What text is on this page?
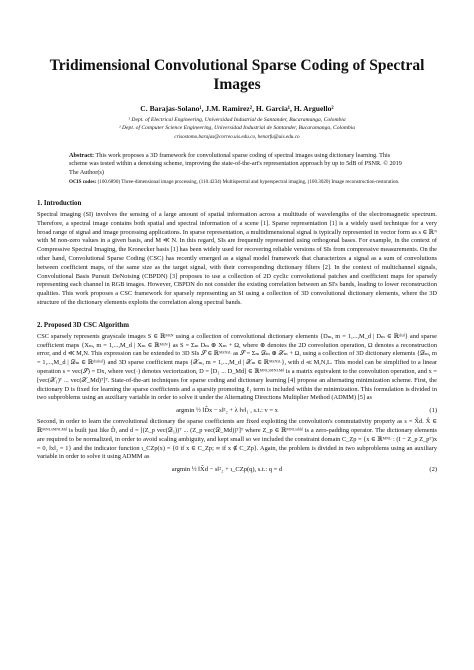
Tridimensional Convolutional Sparse Coding of Spectral Images
C. Barajas-Solano¹, J.M. Ramirez², H. Garcia¹, H. Arguello²
¹ Dept. of Electrical Engineering, Universidad Industrial de Santander, Bucaramanga, Colombia
² Dept. of Computer Science Engineering, Universidad Industrial de Santander, Bucaramanga, Colombia
crisostomo.barajas@correo.uis.edu.co, henarfu@uis.edu.co
Abstract: This work proposes a 3D framework for convolutional sparse coding of spectral images using dictionary learning. This scheme was tested within a denoising scheme, improving the state-of-the-art's representation approach by up to 5dB of PSNR. © 2019 The Author(s)
OCIS codes: (100.6890) Three-dimensional image processing, (110.4234) Multispectral and hyperspectral imaging, (100.3020) Image reconstruction-restoration.
1. Introduction

Spectral imaging (SI) involves the sensing of a large amount of spatial information across a multitude of wavelengths of the electromagnetic spectrum. Therefore, a spectral image contains both spatial and spectral information of a scene [1]. Sparse representation [1] is a widely used technique for a very broad range of signal and image processing applications. In sparse representation, a multidimensional signal is typically represented in vector form as s ∈ ℝᴺ with M non-zero values in a given basis, and M ≪ N. In this regard, SIs are frequently represented using orthogonal bases. For example, in the context of Compressive Spectral Imaging, the Kronecker basis [1] has been widely used for recovering reliable versions of SIs from compressive measurements. On the other hand, Convolutional Sparse Coding (CSC) has recently emerged as a signal model framework that characterizes a signal as a sum of convolutions between coefficient maps, of the same size as the target signal, with their corresponding dictionary filters [2]. In the context of multichannel signals, Convolutional Basis Pursuit DeNoising (CBPDN) [3] proposes to use a collection of 2D cyclic convolutional patches and coefficient maps for sparsely representing each channel in RGB images. However, CBPDN do not consider the existing correlation between an SI's bands, leading to lower reconstruction qualities. This work proposes a CSC framework for sparsely representing an SI using a collection of 3D convolutional dictionary elements, where the 3D structure of the dictionary elements exploits the correlation along spectral bands.

2. Proposed 3D CSC Algorithm

CSC sparsely represents grayscale images S ∈ ℝᴹˣᴺ using a collection of convolutional dictionary elements {Dₘ, m = 1,...,M_d | Dₘ ∈ ℝᵈˣᵈ} and sparse coefficient maps {Xₘ, m = 1,...,M_d | Xₘ ∈ ℝᴹˣᴺ} as S = Σₘ Dₘ ⊛ Xₘ + Ω, where ⊛ denotes the 2D convolution operation, Ω denotes a reconstruction error, and d ≪ M,N. This expression can be extended to 3D SIs 𝒮 ∈ ℝᴹˣᴺˣᴸ as 𝒮 = Σₘ 𝒟ₘ ⊛ 𝒳ₘ + Ω, using a collection of 3D dictionary elements {𝒟ₘ, m = 1,...,M_d | 𝒟ₘ ∈ ℝᵈˣᵈˣᵈ} and 3D sparse coefficient maps {𝒳ₘ, m = 1,...,M_d | 𝒳ₘ ∈ ℝᴹˣᴺˣᴸ}, with d ≪ M,N,L. This model can be simplified to a linear operation s = vec(𝒮) = Dx, where vec(·) denotes vectorization, D = [D₁ ... D_Md] ∈ ℝᴹᴺᴸˣᴹᴺᴸᴹᵈ is a matrix equivalent to the convolution operation, and x = [vec(𝒳₁)ᵀ ... vec(𝒳_Md)ᵀ]ᵀ. State-of-the-art techniques for sparse coding and dictionary learning [4] propose an alternating minimization scheme. First, the dictionary D is fixed for learning the sparse coefficients and a sparsity promoting ℓ₁ term is included within the minimization. This formulation is divided in two subproblems using an auxiliary variable in order to solve it under the Alternating Directions Multiplier Method (ADMM) [5] as

argmin ½ ‖D̂x − s‖²₂ + λ ‖v‖₁ , s.t.: v = x	(1)

Second, in order to learn the convolutional dictionary the sparse coefficients are fixed exploiting the convolution's commutativity property as s = X̂d. X̂ ∈ ℝᴹᴺᴸˣᴹᴺᴸᴹᵈ is built just like D̂, and d = [(Z_p vec(𝒟₁))ᵀ ... (Z_p vec(𝒟_Md))ᵀ]ᵀ where Z_p ∈ ℝᴹᴺᴸˣᵈᵈᵈ is a zero-padding operator. The dictionary elements are required to be normalized, in order to avoid scaling ambiguity, and kept small so we included the constraint domain C_Zp = {x ∈ ℝᴹᴺᴸ : (I − Z_p Z_pᵀ)x = 0, ‖x‖₂ = 1} and the indicator function ι_CZp(x) = {0 if x ∈ C_Zp; ∞ if x ∉ C_Zp}. Again, the problem is divided in two subproblems using an auxiliary variable in order to solve it using ADMM as

argmin ½ ‖X̂d − s‖²₂ + ι_CZp(q), s.t.: q = d	(2)
